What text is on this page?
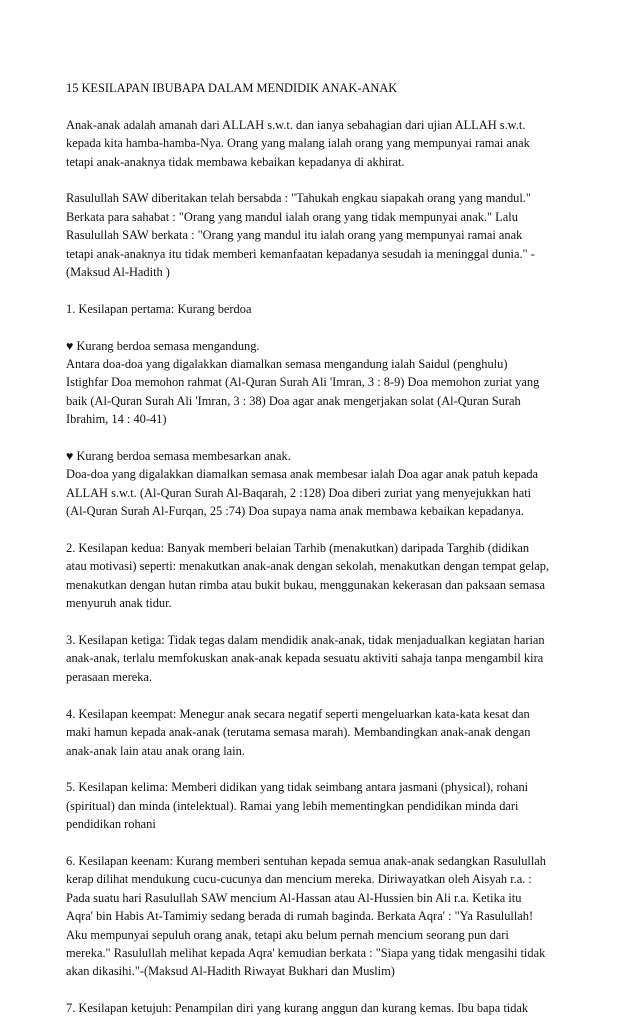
15 KESILAPAN IBUBAPA DALAM MENDIDIK ANAK-ANAK

Anak-anak adalah amanah dari ALLAH s.w.t. dan ianya sebahagian dari ujian ALLAH s.w.t.
kepada kita hamba-hamba-Nya. Orang yang malang ialah orang yang mempunyai ramai anak
tetapi anak-anaknya tidak membawa kebaikan kepadanya di akhirat.

Rasulullah SAW diberitakan telah bersabda : "Tahukah engkau siapakah orang yang mandul."
Berkata para sahabat : "Orang yang mandul ialah orang yang tidak mempunyai anak." Lalu
Rasulullah SAW berkata : "Orang yang mandul itu ialah orang yang mempunyai ramai anak
tetapi anak-anaknya itu tidak memberi kemanfaatan kepadanya sesudah ia meninggal dunia." -
(Maksud Al-Hadith )

1. Kesilapan pertama: Kurang berdoa

♥ Kurang berdoa semasa mengandung.
Antara doa-doa yang digalakkan diamalkan semasa mengandung ialah Saidul (penghulu)
Istighfar Doa memohon rahmat (Al-Quran Surah Ali 'Imran, 3 : 8-9) Doa memohon zuriat yang
baik (Al-Quran Surah Ali 'Imran, 3 : 38) Doa agar anak mengerjakan solat (Al-Quran Surah
Ibrahim, 14 : 40-41)

♥ Kurang berdoa semasa membesarkan anak.
Doa-doa yang digalakkan diamalkan semasa anak membesar ialah Doa agar anak patuh kepada
ALLAH s.w.t. (Al-Quran Surah Al-Baqarah, 2 :128) Doa diberi zuriat yang menyejukkan hati
(Al-Quran Surah Al-Furqan, 25 :74) Doa supaya nama anak membawa kebaikan kepadanya.

2. Kesilapan kedua: Banyak memberi belaian Tarhib (menakutkan) daripada Targhib (didikan
atau motivasi) seperti: menakutkan anak-anak dengan sekolah, menakutkan dengan tempat gelap,
menakutkan dengan hutan rimba atau bukit bukau, menggunakan kekerasan dan paksaan semasa
menyuruh anak tidur.

3. Kesilapan ketiga: Tidak tegas dalam mendidik anak-anak, tidak menjadualkan kegiatan harian
anak-anak, terlalu memfokuskan anak-anak kepada sesuatu aktiviti sahaja tanpa mengambil kira
perasaan mereka.

4. Kesilapan keempat: Menegur anak secara negatif seperti mengeluarkan kata-kata kesat dan
maki hamun kepada anak-anak (terutama semasa marah). Membandingkan anak-anak dengan
anak-anak lain atau anak orang lain.

5. Kesilapan kelima: Memberi didikan yang tidak seimbang antara jasmani (physical), rohani
(spiritual) dan minda (intelektual). Ramai yang lebih mementingkan pendidikan minda dari
pendidikan rohani

6. Kesilapan keenam: Kurang memberi sentuhan kepada semua anak-anak sedangkan Rasulullah
kerap dilihat mendukung cucu-cucunya dan mencium mereka. Diriwayatkan oleh Aisyah r.a. :
Pada suatu hari Rasulullah SAW mencium Al-Hassan atau Al-Hussien bin Ali r.a. Ketika itu
Aqra' bin Habis At-Tamimiy sedang berada di rumah baginda. Berkata Aqra' : "Ya Rasulullah!
Aku mempunyai sepuluh orang anak, tetapi aku belum pernah mencium seorang pun dari
mereka." Rasulullah melihat kepada Aqra' kemudian berkata : "Siapa yang tidak mengasihi tidak
akan dikasihi."-(Maksud Al-Hadith Riwayat Bukhari dan Muslim)

7. Kesilapan ketujuh: Penampilan diri yang kurang anggun dan kurang kemas. Ibu bapa tidak
